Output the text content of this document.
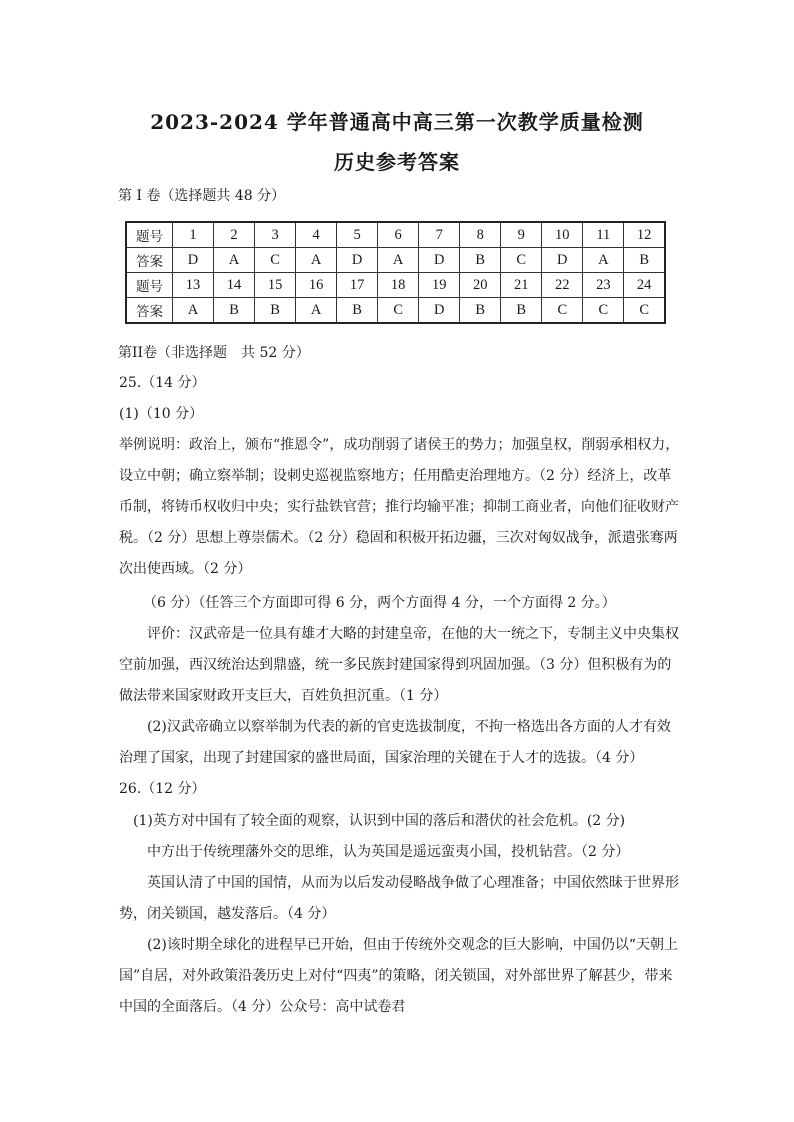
2023-2024 学年普通高中高三第一次教学质量检测
历史参考答案
第 I 卷（选择题共 48 分）
题号	1	2	3	4	5	6	7	8	9	10	11	12
答案	D	A	C	A	D	A	D	B	C	D	A	B
题号	13	14	15	16	17	18	19	20	21	22	23	24
答案	A	B	B	A	B	C	D	B	B	C	C	C
第II卷（非选择题　共 52 分）
25.（14 分）
(1)（10 分）
举例说明：政治上，颁布“推恩令”，成功削弱了诸侯王的势力；加强皇权，削弱承相权力，
设立中朝；确立察举制；设刺史巡视监察地方；任用酷吏治理地方。（2 分）经济上，改革
币制，将铸币权收归中央；实行盐铁官营；推行均输平准；抑制工商业者，向他们征收财产
税。（2 分）思想上尊崇儒术。（2 分）稳固和积极开拓边疆，三次对匈奴战争，派遣张骞两
次出使西域。（2 分）
（6 分）（任答三个方面即可得 6 分，两个方面得 4 分，一个方面得 2 分。）
评价：汉武帝是一位具有雄才大略的封建皇帝，在他的大一统之下，专制主义中央集权
空前加强，西汉统治达到鼎盛，统一多民族封建国家得到巩固加强。（3 分）但积极有为的
做法带来国家财政开支巨大，百姓负担沉重。（1 分）
(2)汉武帝确立以察举制为代表的新的官吏选拔制度，不拘一格选出各方面的人才有效
治理了国家，出现了封建国家的盛世局面，国家治理的关键在于人才的选拔。（4 分）
26.（12 分）
(1)英方对中国有了较全面的观察，认识到中国的落后和潜伏的社会危机。(2 分)
中方出于传统理藩外交的思维，认为英国是遥远蛮夷小国，投机钻营。（2 分）
英国认清了中国的国情，从而为以后发动侵略战争做了心理准备；中国依然昧于世界形
势，闭关锁国，越发落后。（4 分）
(2)该时期全球化的进程早已开始，但由于传统外交观念的巨大影响，中国仍以“天朝上
国”自居，对外政策沿袭历史上对付“四夷”的策略，闭关锁国，对外部世界了解甚少，带来
中国的全面落后。（4 分）公众号：高中试卷君
